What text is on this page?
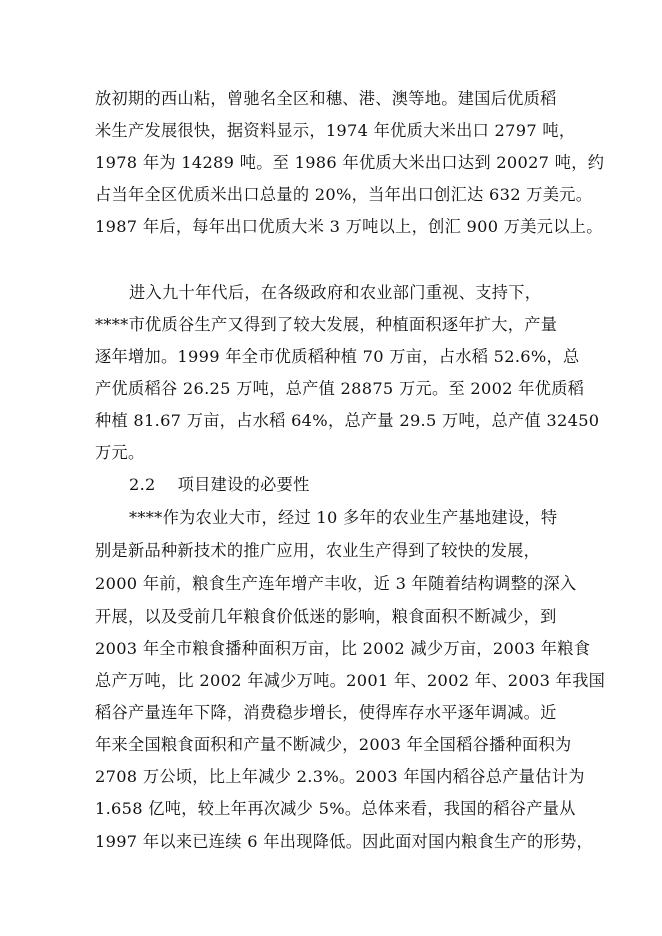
放初期的西山粘，曾驰名全区和穗、港、澳等地。建国后优质稻
米生产发展很快，据资料显示，1974 年优质大米出口 2797 吨，
1978 年为 14289 吨。至 1986 年优质大米出口达到 20027 吨，约
占当年全区优质米出口总量的 20%，当年出口创汇达 632 万美元。
1987 年后，每年出口优质大米 3 万吨以上，创汇 900 万美元以上。
进入九十年代后，在各级政府和农业部门重视、支持下，
****市优质谷生产又得到了较大发展，种植面积逐年扩大，产量
逐年增加。1999 年全市优质稻种植 70 万亩，占水稻 52.6%，总
产优质稻谷 26.25 万吨，总产值 28875 万元。至 2002 年优质稻
种植 81.67 万亩，占水稻 64%，总产量 29.5 万吨，总产值 32450
万元。
2.2 项目建设的必要性
****作为农业大市，经过 10 多年的农业生产基地建设，特
别是新品种新技术的推广应用，农业生产得到了较快的发展，
2000 年前，粮食生产连年增产丰收，近 3 年随着结构调整的深入
开展，以及受前几年粮食价低迷的影响，粮食面积不断减少，到
2003 年全市粮食播种面积万亩，比 2002 减少万亩，2003 年粮食
总产万吨，比 2002 年减少万吨。2001 年、2002 年、2003 年我国
稻谷产量连年下降，消费稳步增长，使得库存水平逐年调减。近
年来全国粮食面积和产量不断减少，2003 年全国稻谷播种面积为
2708 万公顷，比上年减少 2.3%。2003 年国内稻谷总产量估计为
1.658 亿吨，较上年再次减少 5%。总体来看，我国的稻谷产量从
1997 年以来已连续 6 年出现降低。因此面对国内粮食生产的形势，
